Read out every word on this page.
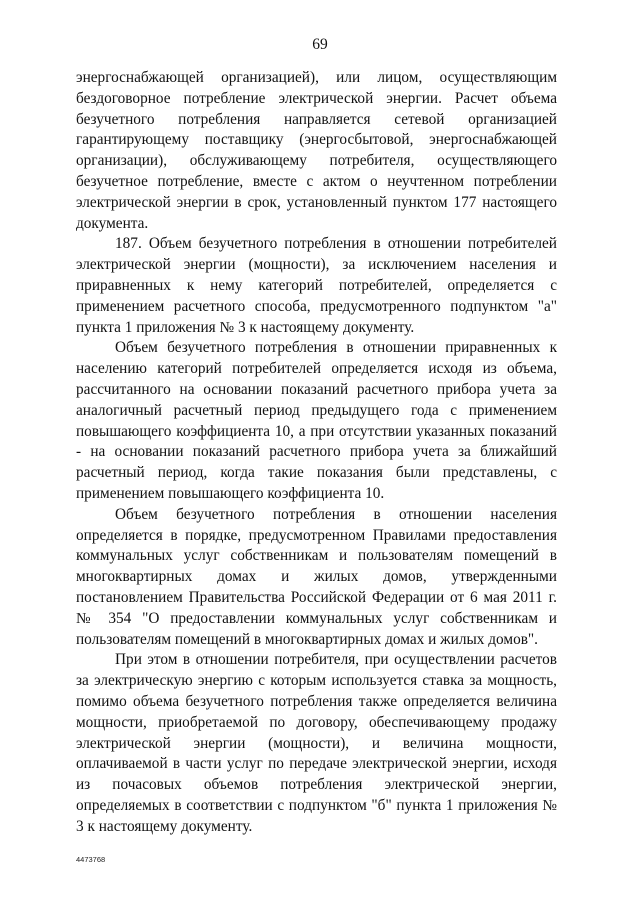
69

энергоснабжающей организацией), или лицом, осуществляющим бездоговорное потребление электрической энергии. Расчет объема безучетного потребления направляется сетевой организацией гарантирующему поставщику (энергосбытовой, энергоснабжающей организации), обслуживающему потребителя, осуществляющего безучетное потребление, вместе с актом о неучтенном потреблении электрической энергии в срок, установленный пунктом 177 настоящего документа.

187. Объем безучетного потребления в отношении потребителей электрической энергии (мощности), за исключением населения и приравненных к нему категорий потребителей, определяется с применением расчетного способа, предусмотренного подпунктом "а" пункта 1 приложения № 3 к настоящему документу.

Объем безучетного потребления в отношении приравненных к населению категорий потребителей определяется исходя из объема, рассчитанного на основании показаний расчетного прибора учета за аналогичный расчетный период предыдущего года с применением повышающего коэффициента 10, а при отсутствии указанных показаний - на основании показаний расчетного прибора учета за ближайший расчетный период, когда такие показания были представлены, с применением повышающего коэффициента 10.

Объем безучетного потребления в отношении населения определяется в порядке, предусмотренном Правилами предоставления коммунальных услуг собственникам и пользователям помещений в многоквартирных домах и жилых домов, утвержденными постановлением Правительства Российской Федерации от 6 мая 2011 г. № 354 "О предоставлении коммунальных услуг собственникам и пользователям помещений в многоквартирных домах и жилых домов".

При этом в отношении потребителя, при осуществлении расчетов за электрическую энергию с которым используется ставка за мощность, помимо объема безучетного потребления также определяется величина мощности, приобретаемой по договору, обеспечивающему продажу электрической энергии (мощности), и величина мощности, оплачиваемой в части услуг по передаче электрической энергии, исходя из почасовых объемов потребления электрической энергии, определяемых в соответствии с подпунктом "б" пункта 1 приложения № 3 к настоящему документу.

4473768
